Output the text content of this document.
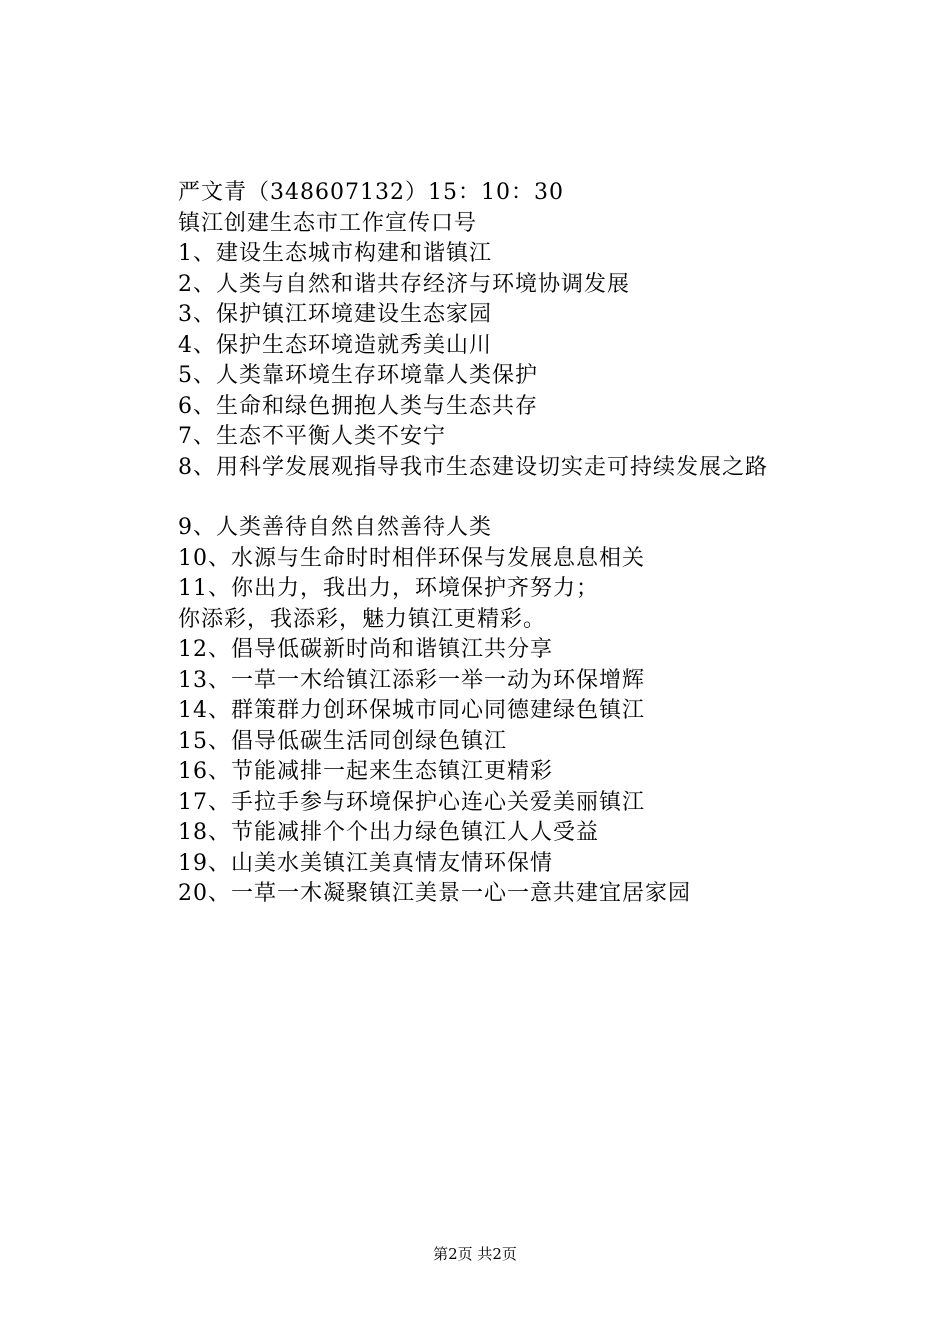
严文青（348607132）15：10：30
镇江创建生态市工作宣传口号
1、建设生态城市构建和谐镇江
2、人类与自然和谐共存经济与环境协调发展
3、保护镇江环境建设生态家园
4、保护生态环境造就秀美山川
5、人类靠环境生存环境靠人类保护
6、生命和绿色拥抱人类与生态共存
7、生态不平衡人类不安宁
8、用科学发展观指导我市生态建设切实走可持续发展之路
9、人类善待自然自然善待人类
10、水源与生命时时相伴环保与发展息息相关
11、你出力，我出力，环境保护齐努力；
你添彩，我添彩，魅力镇江更精彩。
12、倡导低碳新时尚和谐镇江共分享
13、一草一木给镇江添彩一举一动为环保增辉
14、群策群力创环保城市同心同德建绿色镇江
15、倡导低碳生活同创绿色镇江
16、节能减排一起来生态镇江更精彩
17、手拉手参与环境保护心连心关爱美丽镇江
18、节能减排个个出力绿色镇江人人受益
19、山美水美镇江美真情友情环保情
20、一草一木凝聚镇江美景一心一意共建宜居家园
第2页 共2页
